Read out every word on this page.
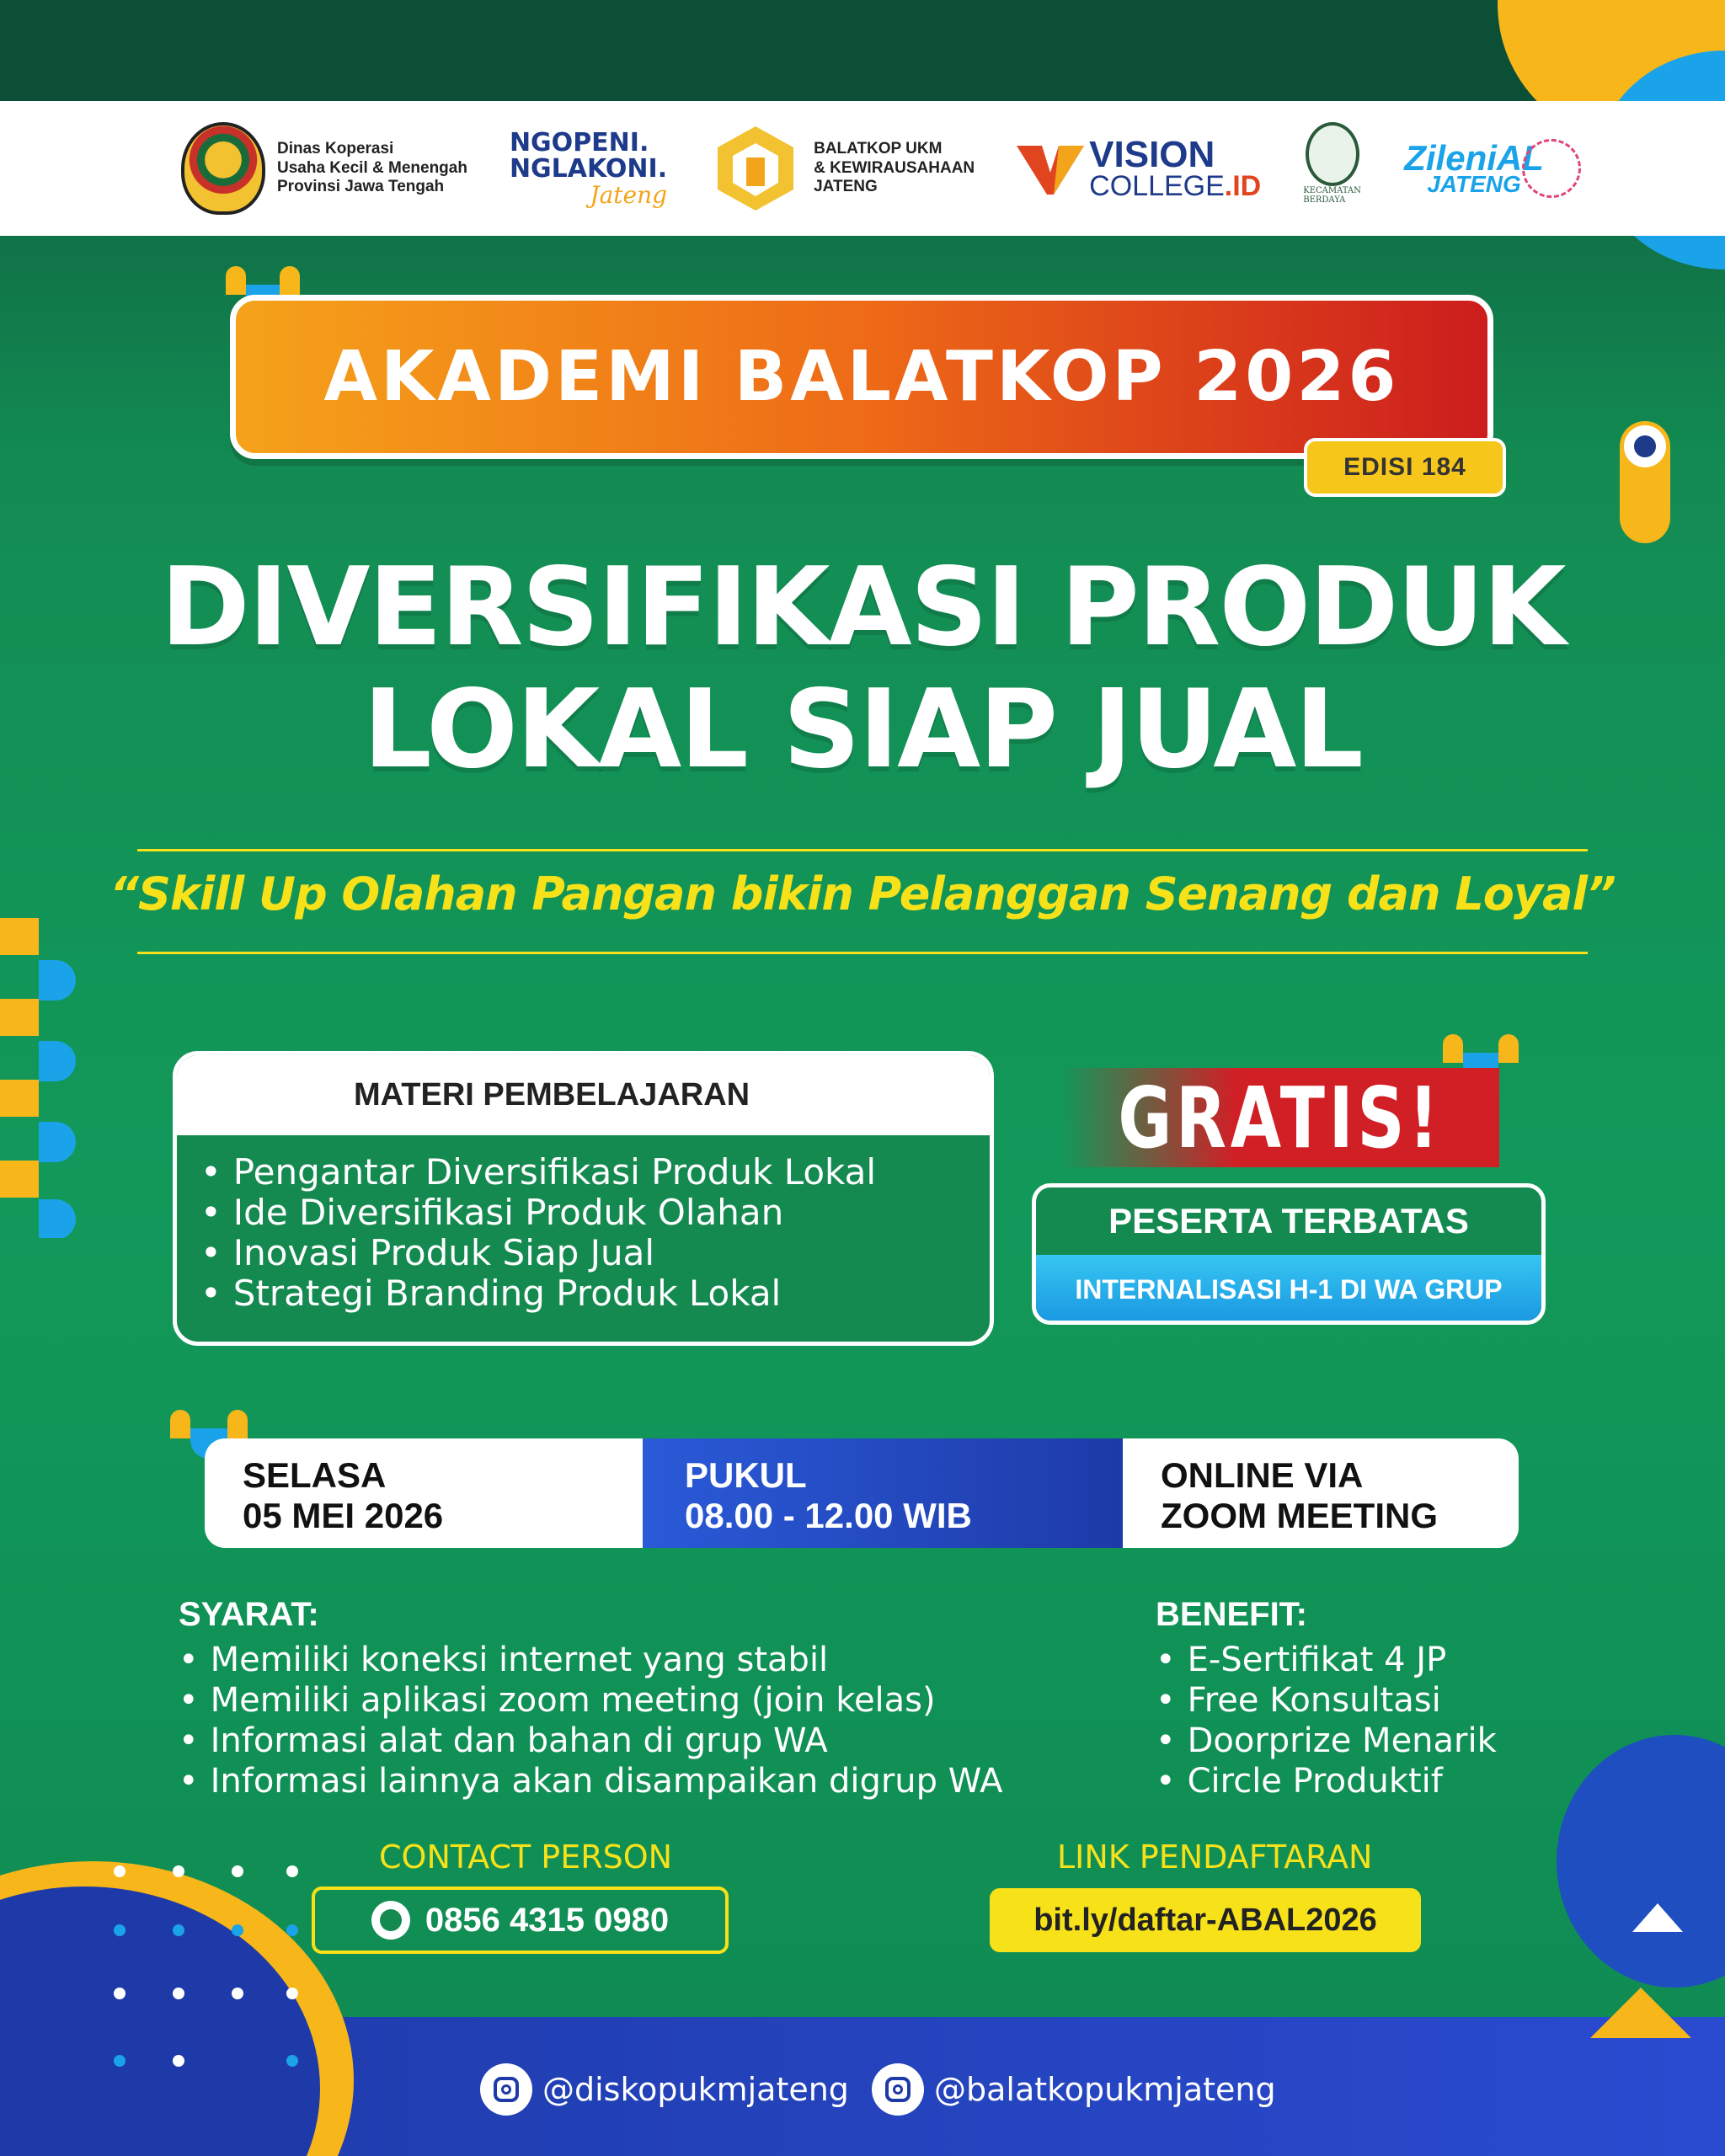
Dinas Koperasi
Usaha Kecil & Menengah
Provinsi Jawa Tengah
NGOPENI.
NGLAKONI.
Jateng
BALATKOP UKM
& KEWIRAUSAHAAN
JATENG
VISION
COLLEGE.ID	KECAMATAN BERDAYA
ZileniAL
JATENG
AKADEMI BALATKOP 2026
EDISI 184
DIVERSIFIKASI PRODUK
LOKAL SIAP JUAL
“Skill Up Olahan Pangan bikin Pelanggan Senang dan Loyal”
MATERI PEMBELAJARAN
• Pengantar Diversifikasi Produk Lokal
• Ide Diversifikasi Produk Olahan
• Inovasi Produk Siap Jual
• Strategi Branding Produk Lokal
GRATIS!
PESERTA TERBATAS
INTERNALISASI H-1 DI WA GRUP
SELASA
05 MEI 2026
PUKUL
08.00 - 12.00 WIB
ONLINE VIA
ZOOM MEETING
SYARAT:
• Memiliki koneksi internet yang stabil
• Memiliki aplikasi zoom meeting (join kelas)
• Informasi alat dan bahan di grup WA
• Informasi lainnya akan disampaikan digrup WA
BENEFIT:
• E-Sertifikat 4 JP
• Free Konsultasi
• Doorprize Menarik
• Circle Produktif
CONTACT PERSON
0856 4315 0980
LINK PENDAFTARAN
bit.ly/daftar-ABAL2026
@diskopukmjateng	@balatkopukmjateng
